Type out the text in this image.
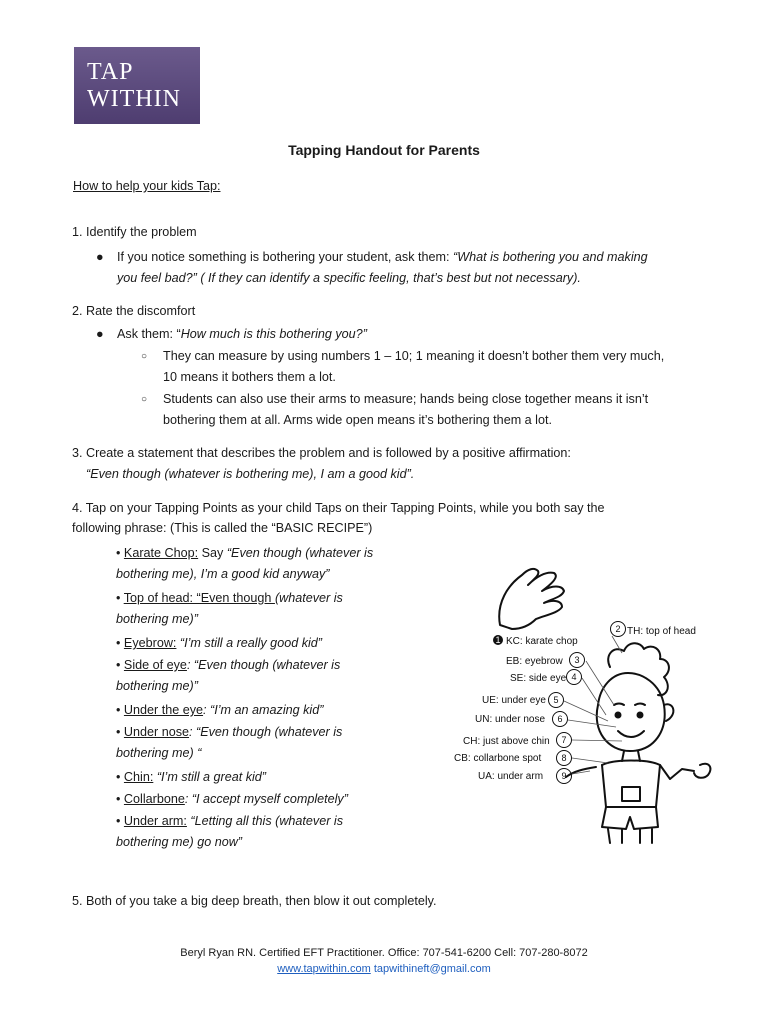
TAP
WITHIN
Tapping Handout for Parents
How to help your kids Tap:
1. Identify the problem
● If you notice something is bothering your student, ask them: “What is bothering you and making
you feel bad?” ( If they can identify a specific feeling, that’s best but not necessary).
2. Rate the discomfort
● Ask them: “How much is this bothering you?”
○ They can measure by using numbers 1 – 10; 1 meaning it doesn’t bother them very much,
10 means it bothers them a lot.
○ Students can also use their arms to measure; hands being close together means it isn’t
bothering them at all. Arms wide open means it’s bothering them a lot.
3. Create a statement that describes the problem and is followed by a positive affirmation:
“Even though (whatever is bothering me), I am a good kid”.
4. Tap on your Tapping Points as your child Taps on their Tapping Points, while you both say the
following phrase: (This is called the “BASIC RECIPE”)
• Karate Chop: Say “Even though (whatever is
bothering me), I’m a good kid anyway”
• Top of head: “Even though (whatever is
bothering me)”
• Eyebrow: “I’m still a really good kid”
• Side of eye: “Even though (whatever is
bothering me)”
• Under the eye: “I’m an amazing kid”
• Under nose: “Even though (whatever is
bothering me) “
• Chin: “I’m still a great kid”
• Collarbone: “I accept myself completely”
• Under arm: “Letting all this (whatever is
bothering me) go now”
1 KC: karate chop
2 TH: top of head
EB: eyebrow 3
SE: side eye 4
UE: under eye 5
UN: under nose 6
CH: just above chin 7
CB: collarbone spot 8
UA: under arm 9
5. Both of you take a big deep breath, then blow it out completely.
Beryl Ryan RN. Certified EFT Practitioner. Office: 707-541-6200 Cell: 707-280-8072
www.tapwithin.com tapwithineft@gmail.com
